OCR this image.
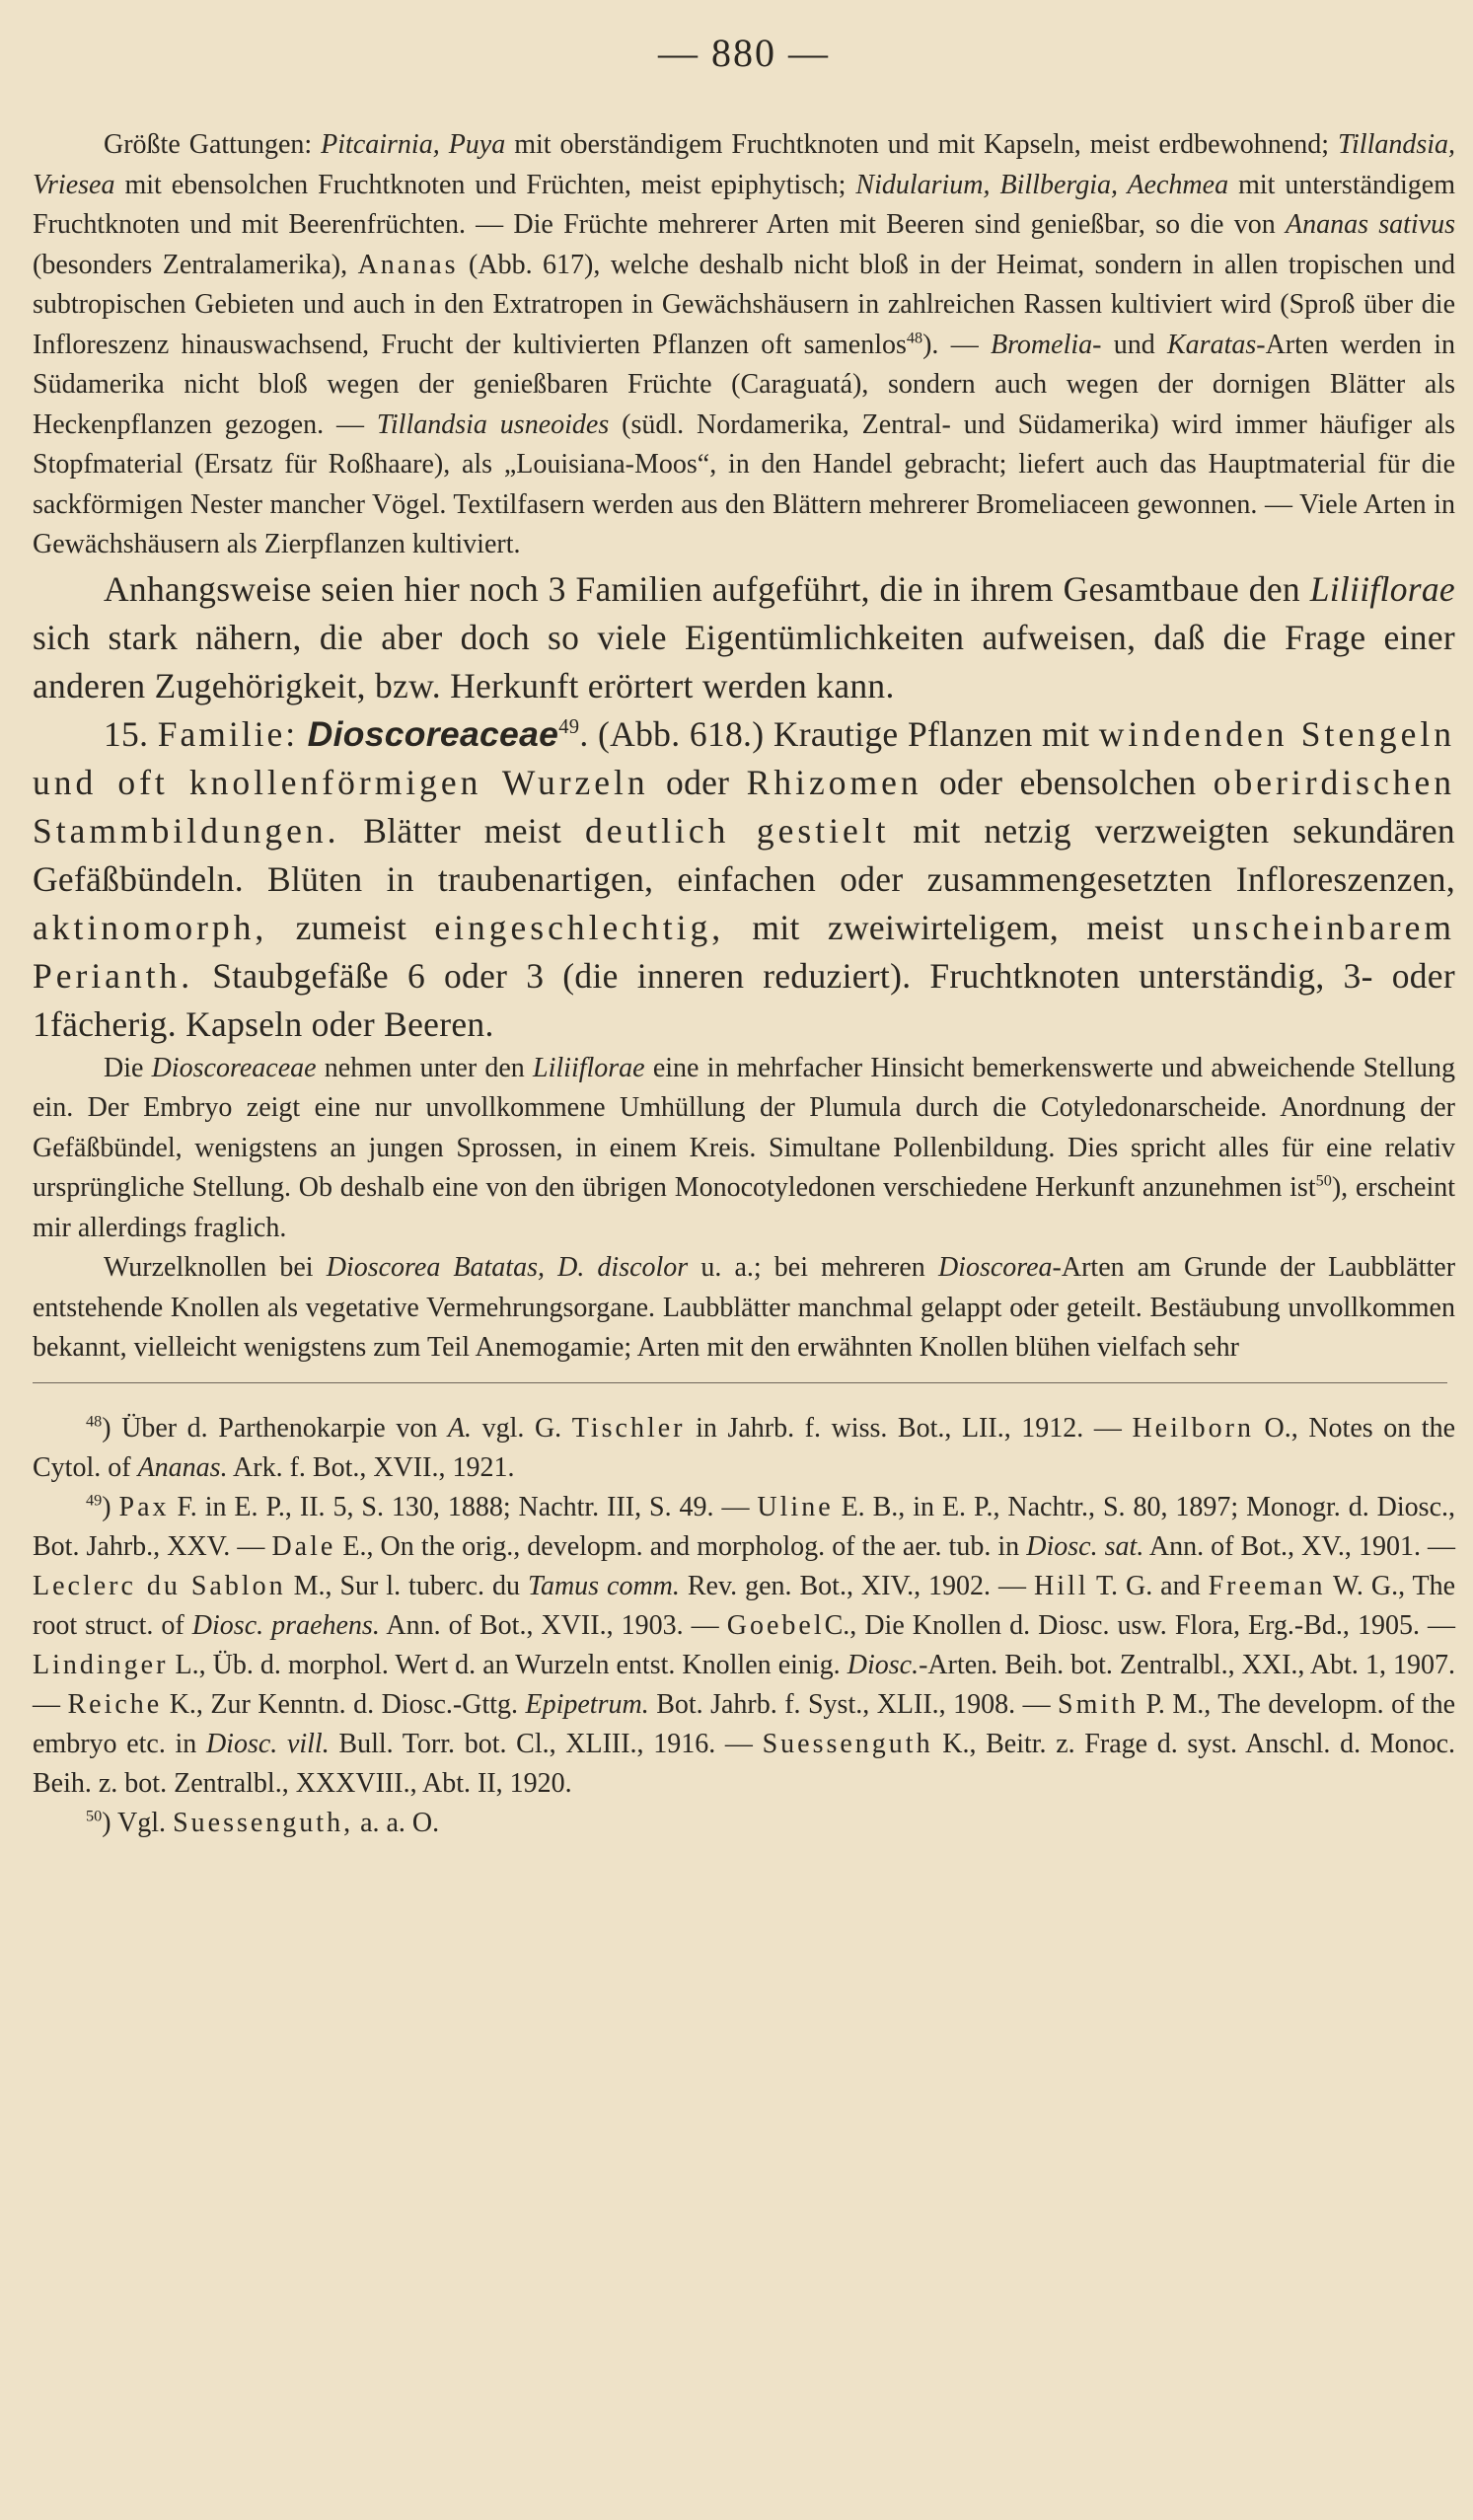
— 880 —

Größte Gattungen: Pitcairnia, Puya mit oberständigem Fruchtknoten und mit Kapseln, meist erdbewohnend; Tillandsia, Vriesea mit ebensolchen Fruchtknoten und Früchten, meist epiphytisch; Nidularium, Billbergia, Aechmea mit unterständigem Fruchtknoten und mit Beerenfrüchten. — Die Früchte mehrerer Arten mit Beeren sind genießbar, so die von Ananas sativus (besonders Zentralamerika), Ananas (Abb. 617), welche deshalb nicht bloß in der Heimat, sondern in allen tropischen und subtropischen Gebieten und auch in den Extratropen in Gewächshäusern in zahlreichen Rassen kultiviert wird (Sproß über die Infloreszenz hinauswachsend, Frucht der kultivierten Pflanzen oft samenlos$^{48}$). — Bromelia- und Karatas-Arten werden in Südamerika nicht bloß wegen der genießbaren Früchte (Caraguatá), sondern auch wegen der dornigen Blätter als Heckenpflanzen gezogen. — Tillandsia usneoides (südl. Nordamerika, Zentral- und Südamerika) wird immer häufiger als Stopfmaterial (Ersatz für Roßhaare), als „Louisiana-Moos“, in den Handel gebracht; liefert auch das Hauptmaterial für die sackförmigen Nester mancher Vögel. Textilfasern werden aus den Blättern mehrerer Bromeliaceen gewonnen. — Viele Arten in Gewächshäusern als Zierpflanzen kultiviert.

Anhangsweise seien hier noch 3 Familien aufgeführt, die in ihrem Gesamtbaue den Liliiflorae sich stark nähern, die aber doch so viele Eigentümlichkeiten aufweisen, daß die Frage einer anderen Zugehörigkeit, bzw. Herkunft erörtert werden kann.

15. Familie: Dioscoreaceae$^{49}$. (Abb. 618.) Krautige Pflanzen mit windenden Stengeln und oft knollenförmigen Wurzeln oder Rhizomen oder ebensolchen oberirdischen Stammbildungen. Blätter meist deutlich gestielt mit netzig verzweigten sekundären Gefäßbündeln. Blüten in traubenartigen, einfachen oder zusammengesetzten Infloreszenzen, aktinomorph, zumeist eingeschlechtig, mit zweiwirteligem, meist unscheinbarem Perianth. Staubgefäße 6 oder 3 (die inneren reduziert). Fruchtknoten unterständig, 3- oder 1fächerig. Kapseln oder Beeren.

Die Dioscoreaceae nehmen unter den Liliiflorae eine in mehrfacher Hinsicht bemerkenswerte und abweichende Stellung ein. Der Embryo zeigt eine nur unvollkommene Umhüllung der Plumula durch die Cotyledonarscheide. Anordnung der Gefäßbündel, wenigstens an jungen Sprossen, in einem Kreis. Simultane Pollenbildung. Dies spricht alles für eine relativ ursprüngliche Stellung. Ob deshalb eine von den übrigen Monocotyledonen verschiedene Herkunft anzunehmen ist$^{50}$), erscheint mir allerdings fraglich.

Wurzelknollen bei Dioscorea Batatas, D. discolor u. a.; bei mehreren Dioscorea-Arten am Grunde der Laubblätter entstehende Knollen als vegetative Vermehrungsorgane. Laubblätter manchmal gelappt oder geteilt. Bestäubung unvollkommen bekannt, vielleicht wenigstens zum Teil Anemogamie; Arten mit den erwähnten Knollen blühen vielfach sehr

$^{48}$) Über d. Parthenokarpie von A. vgl. G. Tischler in Jahrb. f. wiss. Bot., LII., 1912. — Heilborn O., Notes on the Cytol. of Ananas. Ark. f. Bot., XVII., 1921.

$^{49}$) Pax F. in E. P., II. 5, S. 130, 1888; Nachtr. III, S. 49. — Uline E. B., in E. P., Nachtr., S. 80, 1897; Monogr. d. Diosc., Bot. Jahrb., XXV. — Dale E., On the orig., developm. and morpholog. of the aer. tub. in Diosc. sat. Ann. of Bot., XV., 1901. — Leclerc du Sablon M., Sur l. tuberc. du Tamus comm. Rev. gen. Bot., XIV., 1902. — Hill T. G. and Freeman W. G., The root struct. of Diosc. praehens. Ann. of Bot., XVII., 1903. — GoebelC., Die Knollen d. Diosc. usw. Flora, Erg.-Bd., 1905. — Lindinger L., Üb. d. morphol. Wert d. an Wurzeln entst. Knollen einig. Diosc.-Arten. Beih. bot. Zentralbl., XXI., Abt. 1, 1907. — Reiche K., Zur Kenntn. d. Diosc.-Gttg. Epipetrum. Bot. Jahrb. f. Syst., XLII., 1908. — Smith P. M., The developm. of the embryo etc. in Diosc. vill. Bull. Torr. bot. Cl., XLIII., 1916. — Suessenguth K., Beitr. z. Frage d. syst. Anschl. d. Monoc. Beih. z. bot. Zentralbl., XXXVIII., Abt. II, 1920.

$^{50}$) Vgl. Suessenguth, a. a. O.
